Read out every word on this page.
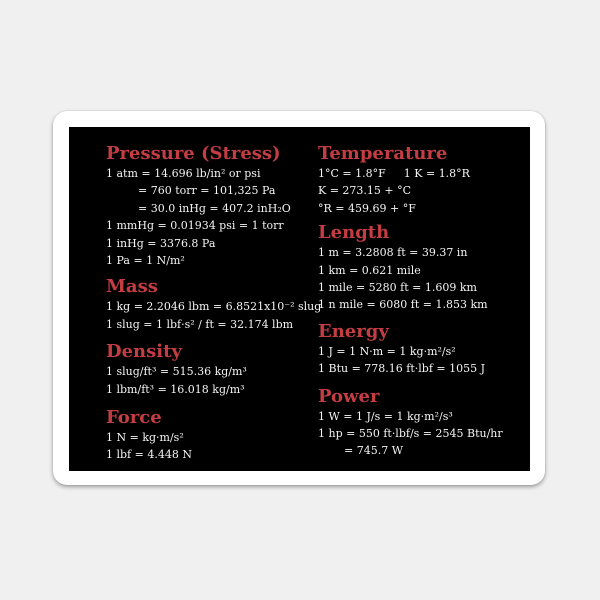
Pressure (Stress)
1 atm = 14.696 lb/in² or psi
= 760 torr = 101,325 Pa
= 30.0 inHg = 407.2 inH₂O
1 mmHg = 0.01934 psi = 1 torr
1 inHg = 3376.8 Pa
1 Pa = 1 N/m²
Mass
1 kg = 2.2046 lbm = 6.8521x10⁻² slug
1 slug = 1 lbf·s² / ft = 32.174 lbm
Density
1 slug/ft³ = 515.36 kg/m³
1 lbm/ft³ = 16.018 kg/m³
Force
1 N = kg·m/s²
1 lbf = 4.448 N
Temperature
1°C = 1.8°F 1 K = 1.8°R
K = 273.15 + °C
°R = 459.69 + °F
Length
1 m = 3.2808 ft = 39.37 in
1 km = 0.621 mile
1 mile = 5280 ft = 1.609 km
1 n mile = 6080 ft = 1.853 km
Energy
1 J = 1 N·m = 1 kg·m²/s²
1 Btu = 778.16 ft·lbf = 1055 J
Power
1 W = 1 J/s = 1 kg·m²/s³
1 hp = 550 ft·lbf/s = 2545 Btu/hr
= 745.7 W
